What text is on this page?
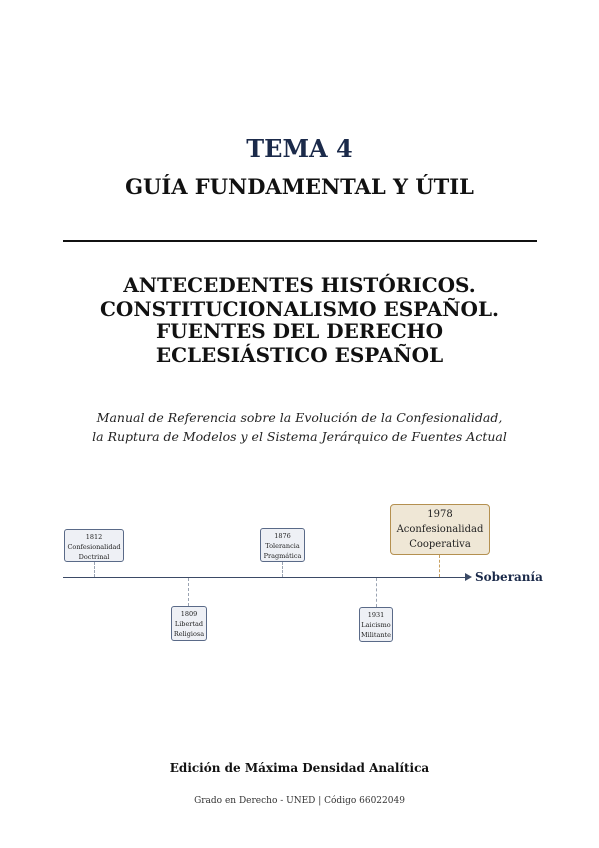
TEMA 4
GUÍA FUNDAMENTAL Y ÚTIL
ANTECEDENTES HISTÓRICOS.
CONSTITUCIONALISMO ESPAÑOL.
FUENTES DEL DERECHO
ECLESIÁSTICO ESPAÑOL
Manual de Referencia sobre la Evolución de la Confesionalidad,
la Ruptura de Modelos y el Sistema Jerárquico de Fuentes Actual
Soberanía
1812
Confesionalidad
Doctrinal
1809
Libertad
Religiosa
1876
Tolerancia
Pragmática
1931
Laicismo
Militante
1978
Aconfesionalidad
Cooperativa
Edición de Máxima Densidad Analítica
Grado en Derecho - UNED | Código 66022049
